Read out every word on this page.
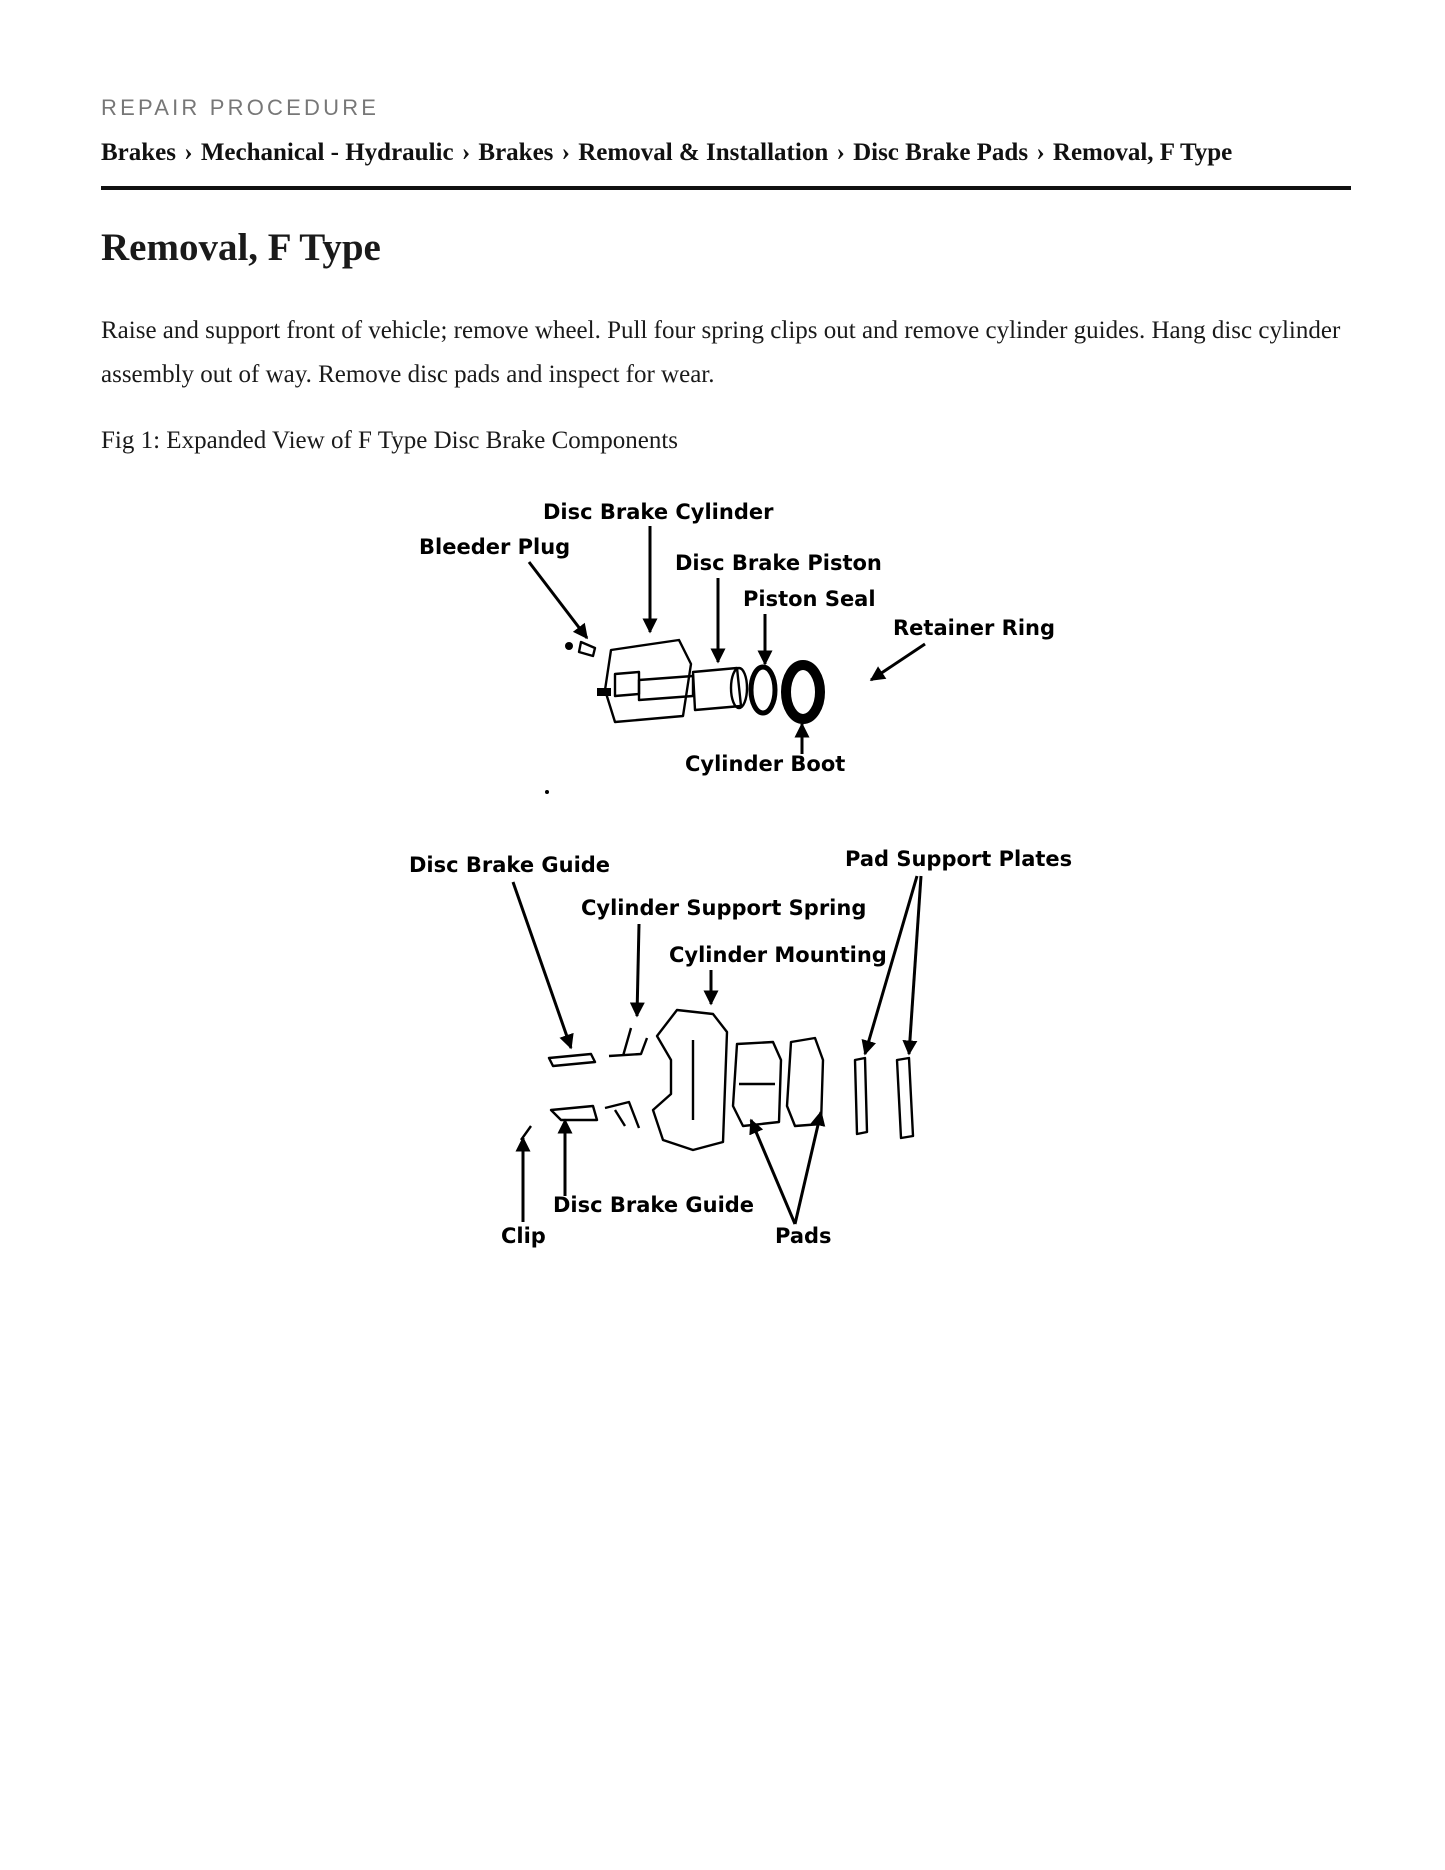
REPAIR PROCEDURE
Brakes › Mechanical - Hydraulic › Brakes › Removal & Installation › Disc Brake Pads › Removal, F Type
Removal, F Type

Raise and support front of vehicle; remove wheel. Pull four spring clips out and remove cylinder guides. Hang disc cylinder assembly out of way. Remove disc pads and inspect for wear.

Fig 1: Expanded View of F Type Disc Brake Components

Disc Brake Cylinder
Bleeder Plug
Disc Brake Piston
Piston Seal
Retainer Ring
Cylinder Boot
Disc Brake Guide	Pad Support Plates
Cylinder Support Spring
Cylinder Mounting
Disc Brake Guide
Clip	Pads
